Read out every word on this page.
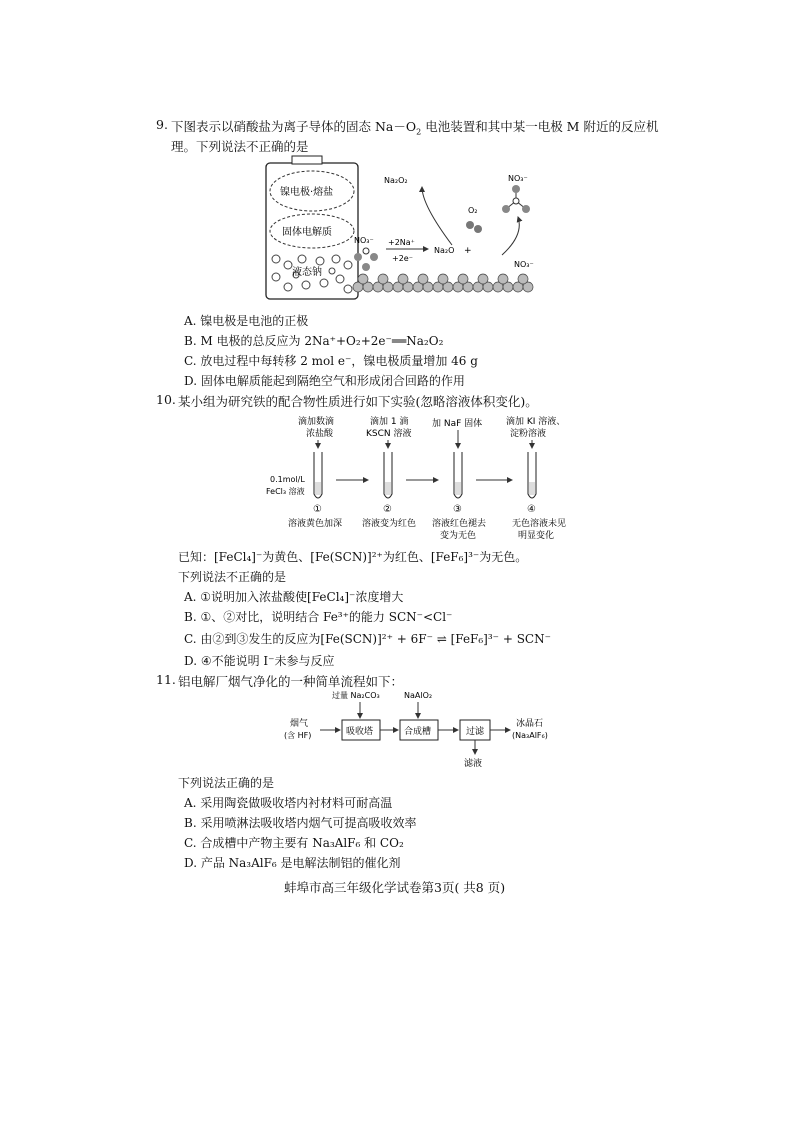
9. 下图表示以硝酸盐为离子导体的固态 $Na-O_2$ 电池装置和其中某一电极 M 附近的反应机
理。下列说法不正确的是
镍电极·熔盐
固体电解质
液态钠
Na₂O₂	NO₃⁻
O₂
NO₃⁻ +2Na⁺
+2e⁻
Na₂O +
NO₃⁻
A. 镍电极是电池的正极
B. M 电极的总反应为 2Na⁺+O₂+2e⁻══Na₂O₂
C. 放电过程中每转移 2 mol e⁻，镍电极质量增加 46 g
D. 固体电解质能起到隔绝空气和形成闭合回路的作用
10. 某小组为研究铁的配合物性质进行如下实验(忽略溶液体积变化)。
滴加数滴
浓盐酸
滴加 1 滴
KSCN 溶液
加 NaF 固体	滴加 KI 溶液、
淀粉溶液
0.1mol/L
FeCl₃ 溶液
①	②	③	④
溶液黄色加深 溶液变为红色 溶液红色褪去
变为无色
无色溶液未见
明显变化
已知：[FeCl₄]⁻为黄色、[Fe(SCN)]²⁺为红色、[FeF₆]³⁻为无色。
下列说法不正确的是
A. ①说明加入浓盐酸使[FeCl₄]⁻浓度增大
B. ①、②对比，说明结合 Fe³⁺的能力 SCN⁻<Cl⁻
C. 由②到③发生的反应为[Fe(SCN)]²⁺ + 6F⁻ ⇌ [FeF₆]³⁻ + SCN⁻
D. ④不能说明 I⁻未参与反应
11. 铝电解厂烟气净化的一种简单流程如下：
过量 Na₂CO₃	NaAlO₂
烟气
(含 HF)	吸收塔	合成槽	过滤
冰晶石
(Na₃AlF₆)
滤液
下列说法正确的是
A. 采用陶瓷做吸收塔内衬材料可耐高温
B. 采用喷淋法吸收塔内烟气可提高吸收效率
C. 合成槽中产物主要有 Na₃AlF₆ 和 CO₂
D. 产品 Na₃AlF₆ 是电解法制铝的催化剂
蚌埠市高三年级化学试卷第3页( 共8 页)
